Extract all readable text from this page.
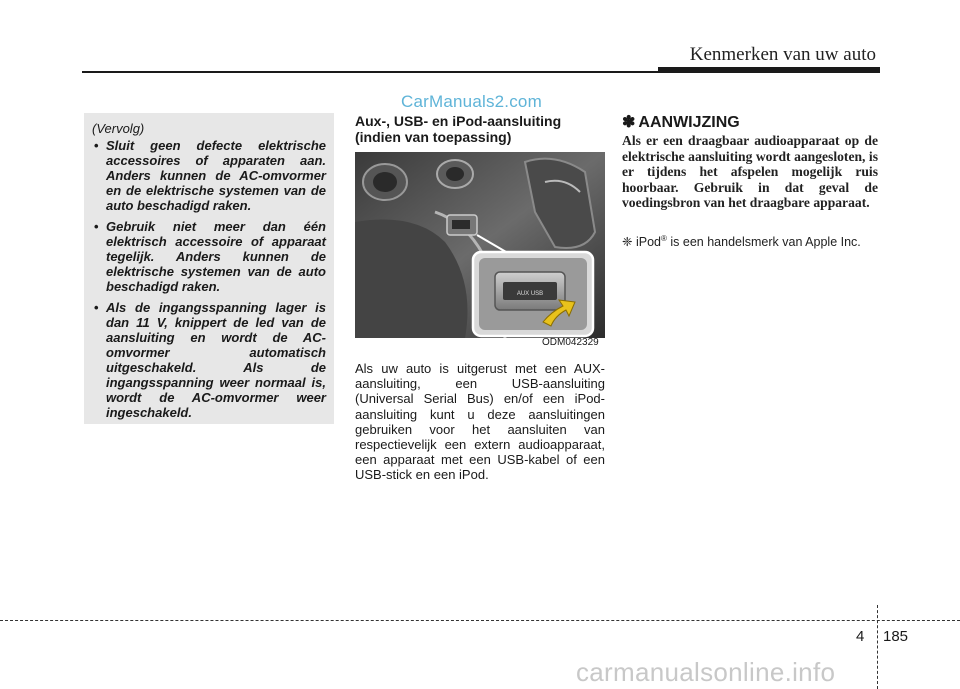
Kenmerken van uw auto
CarManuals2.com
(Vervolg)
• Sluit geen defecte elektrische accessoires of apparaten aan. Anders kunnen de AC-omvormer en de elektrische systemen van de auto beschadigd raken.
• Gebruik niet meer dan één elektrisch accessoire of apparaat tegelijk. Anders kunnen de elektrische systemen van de auto beschadigd raken.
• Als de ingangsspanning lager is dan 11 V, knippert de led van de aansluiting en wordt de AC-omvormer automatisch uitgeschakeld. Als de ingangsspanning weer normaal is, wordt de AC-omvormer weer ingeschakeld.
Aux-, USB- en iPod-aansluiting
(indien van toepassing)
AUX USB
ODM042329
Als uw auto is uitgerust met een AUX-aansluiting, een USB-aansluiting (Universal Serial Bus) en/of een iPod-aansluiting kunt u deze aansluitingen gebruiken voor het aansluiten van respectievelijk een extern audioapparaat, een apparaat met een USB-kabel of een USB-stick en een iPod.
✽ AANWIJZING
Als er een draagbaar audioapparaat op de elektrische aansluiting wordt aangesloten, is er tijdens het afspelen mogelijk ruis hoorbaar. Gebruik in dat geval de voedingsbron van het draagbare apparaat.
❈ iPod® is een handelsmerk van Apple Inc.
4 185
carmanualsonline.info
